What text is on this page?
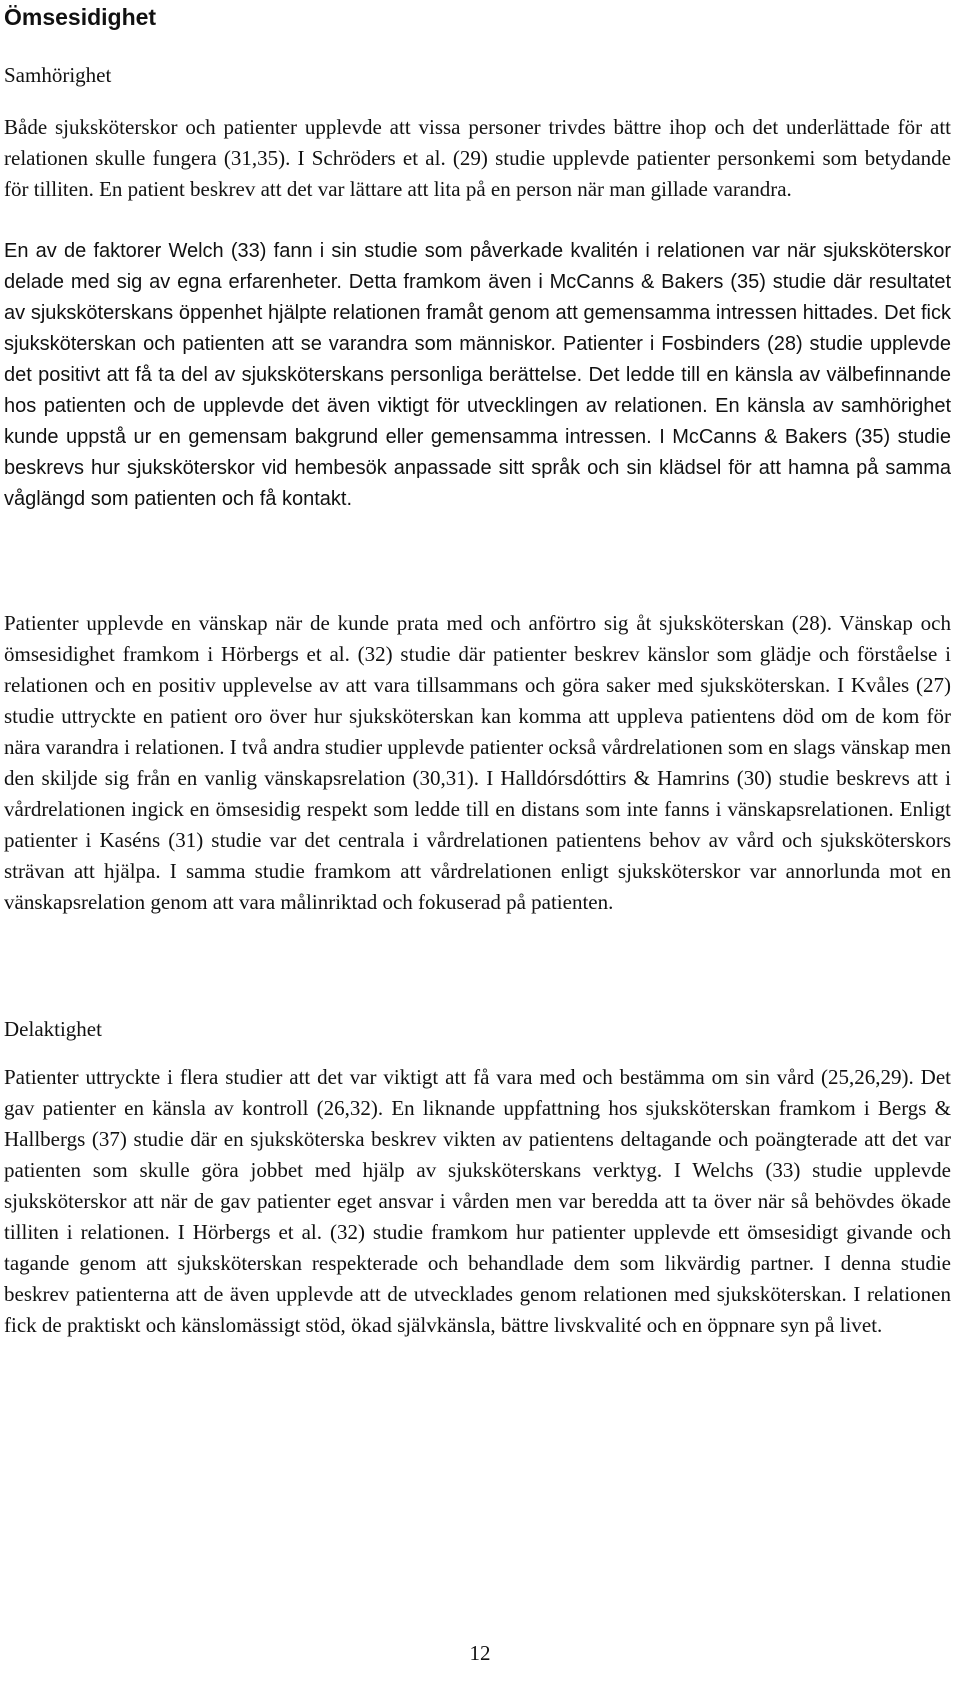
Ömsesidighet
Samhörighet

Både sjuksköterskor och patienter upplevde att vissa personer trivdes bättre ihop och det underlättade för att relationen skulle fungera (31,35). I Schröders et al. (29) studie upplevde patienter personkemi som betydande för tilliten. En patient beskrev att det var lättare att lita på en person när man gillade varandra.

En av de faktorer Welch (33) fann i sin studie som påverkade kvalitén i relationen var när sjuksköterskor delade med sig av egna erfarenheter. Detta framkom även i McCanns & Bakers (35) studie där resultatet av sjuksköterskans öppenhet hjälpte relationen framåt genom att gemensamma intressen hittades. Det fick sjuksköterskan och patienten att se varandra som människor. Patienter i Fosbinders (28) studie upplevde det positivt att få ta del av sjuksköterskans personliga berättelse. Det ledde till en känsla av välbefinnande hos patienten och de upplevde det även viktigt för utvecklingen av relationen. En känsla av samhörighet kunde uppstå ur en gemensam bakgrund eller gemensamma intressen. I McCanns & Bakers (35) studie beskrevs hur sjuksköterskor vid hembesök anpassade sitt språk och sin klädsel för att hamna på samma våglängd som patienten och få kontakt.

Patienter upplevde en vänskap när de kunde prata med och anförtro sig åt sjuksköterskan (28). Vänskap och ömsesidighet framkom i Hörbergs et al. (32) studie där patienter beskrev känslor som glädje och förståelse i relationen och en positiv upplevelse av att vara tillsammans och göra saker med sjuksköterskan. I Kvåles (27) studie uttryckte en patient oro över hur sjuksköterskan kan komma att uppleva patientens död om de kom för nära varandra i relationen. I två andra studier upplevde patienter också vårdrelationen som en slags vänskap men den skiljde sig från en vanlig vänskapsrelation (30,31). I Halldórsdóttirs & Hamrins (30) studie beskrevs att i vårdrelationen ingick en ömsesidig respekt som ledde till en distans som inte fanns i vänskapsrelationen. Enligt patienter i Kaséns (31) studie var det centrala i vårdrelationen patientens behov av vård och sjuksköterskors strävan att hjälpa. I samma studie framkom att vårdrelationen enligt sjuksköterskor var annorlunda mot en vänskapsrelation genom att vara målinriktad och fokuserad på patienten.

Delaktighet

Patienter uttryckte i flera studier att det var viktigt att få vara med och bestämma om sin vård (25,26,29). Det gav patienter en känsla av kontroll (26,32). En liknande uppfattning hos sjuksköterskan framkom i Bergs & Hallbergs (37) studie där en sjuksköterska beskrev vikten av patientens deltagande och poängterade att det var patienten som skulle göra jobbet med hjälp av sjuksköterskans verktyg. I Welchs (33) studie upplevde sjuksköterskor att när de gav patienter eget ansvar i vården men var beredda att ta över när så behövdes ökade tilliten i relationen. I Hörbergs et al. (32) studie framkom hur patienter upplevde ett ömsesidigt givande och tagande genom att sjuksköterskan respekterade och behandlade dem som likvärdig partner. I denna studie beskrev patienterna att de även upplevde att de utvecklades genom relationen med sjuksköterskan. I relationen fick de praktiskt och känslomässigt stöd, ökad självkänsla, bättre livskvalité och en öppnare syn på livet.

12
